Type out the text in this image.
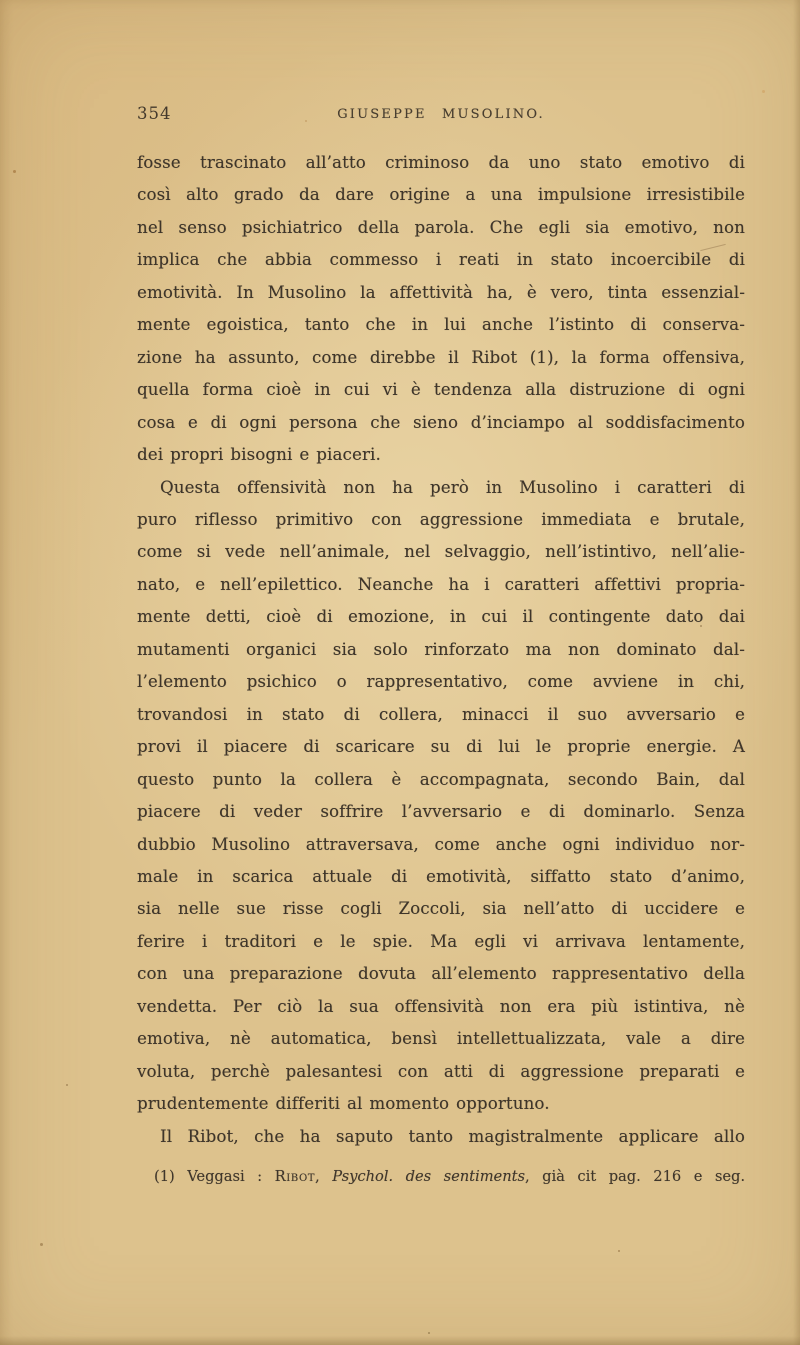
354	GIUSEPPE MUSOLINO.
fosse trascinato all’atto criminoso da uno stato emotivo di
così alto grado da dare origine a una impulsione irresistibile
nel senso psichiatrico della parola. Che egli sia emotivo, non
implica che abbia commesso i reati in stato incoercibile di
emotività. In Musolino la affettività ha, è vero, tinta essenzial-
mente egoistica, tanto che in lui anche l’istinto di conserva-
zione ha assunto, come direbbe il Ribot (1), la forma offensiva,
quella forma cioè in cui vi è tendenza alla distruzione di ogni
cosa e di ogni persona che sieno d’inciampo al soddisfacimento
dei propri bisogni e piaceri.
Questa offensività non ha però in Musolino i caratteri di
puro riflesso primitivo con aggressione immediata e brutale,
come si vede nell’animale, nel selvaggio, nell’istintivo, nell’alie-
nato, e nell’epilettico. Neanche ha i caratteri affettivi propria-
mente detti, cioè di emozione, in cui il contingente dato dai
mutamenti organici sia solo rinforzato ma non dominato dal-
l’elemento psichico o rappresentativo, come avviene in chi,
trovandosi in stato di collera, minacci il suo avversario e
provi il piacere di scaricare su di lui le proprie energie. A
questo punto la collera è accompagnata, secondo Bain, dal
piacere di veder soffrire l’avversario e di dominarlo. Senza
dubbio Musolino attraversava, come anche ogni individuo nor-
male in scarica attuale di emotività, siffatto stato d’animo,
sia nelle sue risse cogli Zoccoli, sia nell’atto di uccidere e
ferire i traditori e le spie. Ma egli vi arrivava lentamente,
con una preparazione dovuta all’elemento rappresentativo della
vendetta. Per ciò la sua offensività non era più istintiva, nè
emotiva, nè automatica, bensì intellettualizzata, vale a dire
voluta, perchè palesantesi con atti di aggressione preparati e
prudentemente differiti al momento opportuno.
Il Ribot, che ha saputo tanto magistralmente applicare allo
(1) Veggasi : Ribot, Psychol. des sentiments, già cit pag. 216 e seg.
